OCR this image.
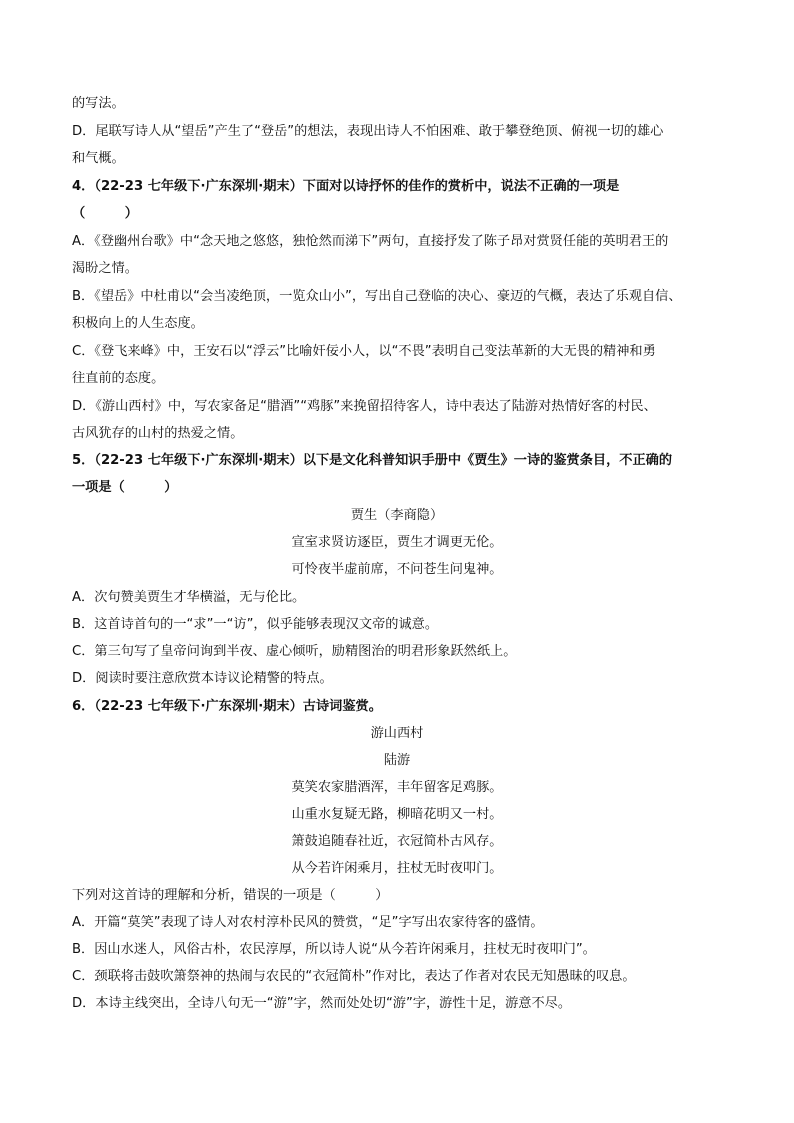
的写法。
D．尾联写诗人从“望岳”产生了“登岳”的想法，表现出诗人不怕困难、敢于攀登绝顶、俯视一切的雄心
和气概。
4．（22-23 七年级下·广东深圳·期末）下面对以诗抒怀的佳作的赏析中，说法不正确的一项是
（　　　）
A．《登幽州台歌》中“念天地之悠悠，独怆然而涕下”两句，直接抒发了陈子昂对赏贤任能的英明君王的
渴盼之情。
B．《望岳》中杜甫以“会当凌绝顶，一览众山小”，写出自己登临的决心、豪迈的气概，表达了乐观自信、
积极向上的人生态度。
C．《登飞来峰》中，王安石以“浮云”比喻奸佞小人，以“不畏”表明自己变法革新的大无畏的精神和勇
往直前的态度。
D．《游山西村》中，写农家备足“腊酒”“鸡豚”来挽留招待客人，诗中表达了陆游对热情好客的村民、
古风犹存的山村的热爱之情。
5．（22-23 七年级下·广东深圳·期末）以下是文化科普知识手册中《贾生》一诗的鉴赏条目，不正确的
一项是（　　　）
贾生（李商隐）
宣室求贤访逐臣，贾生才调更无伦。
可怜夜半虚前席，不问苍生问鬼神。
A．次句赞美贾生才华横溢，无与伦比。
B．这首诗首句的一“求”一“访”，似乎能够表现汉文帝的诚意。
C．第三句写了皇帝问询到半夜、虚心倾听，励精图治的明君形象跃然纸上。
D．阅读时要注意欣赏本诗议论精警的特点。
6．（22-23 七年级下·广东深圳·期末）古诗词鉴赏。
游山西村
陆游
莫笑农家腊酒浑，丰年留客足鸡豚。
山重水复疑无路，柳暗花明又一村。
箫鼓追随春社近，衣冠简朴古风存。
从今若许闲乘月，拄杖无时夜叩门。
下列对这首诗的理解和分析，错误的一项是（　　　）
A．开篇“莫笑”表现了诗人对农村淳朴民风的赞赏，“足”字写出农家待客的盛情。
B．因山水迷人，风俗古朴，农民淳厚，所以诗人说“从今若许闲乘月，拄杖无时夜叩门”。
C．颈联将击鼓吹箫祭神的热闹与农民的“衣冠简朴”作对比，表达了作者对农民无知愚昧的叹息。
D．本诗主线突出，全诗八句无一“游”字，然而处处切“游”字，游性十足，游意不尽。
